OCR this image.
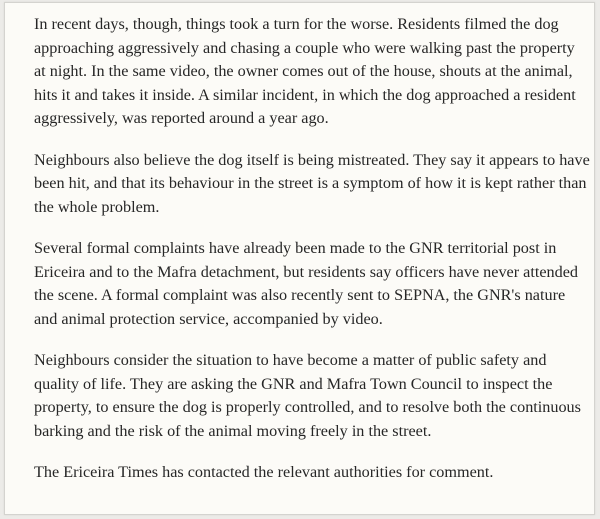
In recent days, though, things took a turn for the worse. Residents filmed the dog approaching aggressively and chasing a couple who were walking past the property at night. In the same video, the owner comes out of the house, shouts at the animal, hits it and takes it inside. A similar incident, in which the dog approached a resident aggressively, was reported around a year ago.

Neighbours also believe the dog itself is being mistreated. They say it appears to have been hit, and that its behaviour in the street is a symptom of how it is kept rather than the whole problem.

Several formal complaints have already been made to the GNR territorial post in Ericeira and to the Mafra detachment, but residents say officers have never attended the scene. A formal complaint was also recently sent to SEPNA, the GNR's nature and animal protection service, accompanied by video.

Neighbours consider the situation to have become a matter of public safety and quality of life. They are asking the GNR and Mafra Town Council to inspect the property, to ensure the dog is properly controlled, and to resolve both the continuous barking and the risk of the animal moving freely in the street.

The Ericeira Times has contacted the relevant authorities for comment.
